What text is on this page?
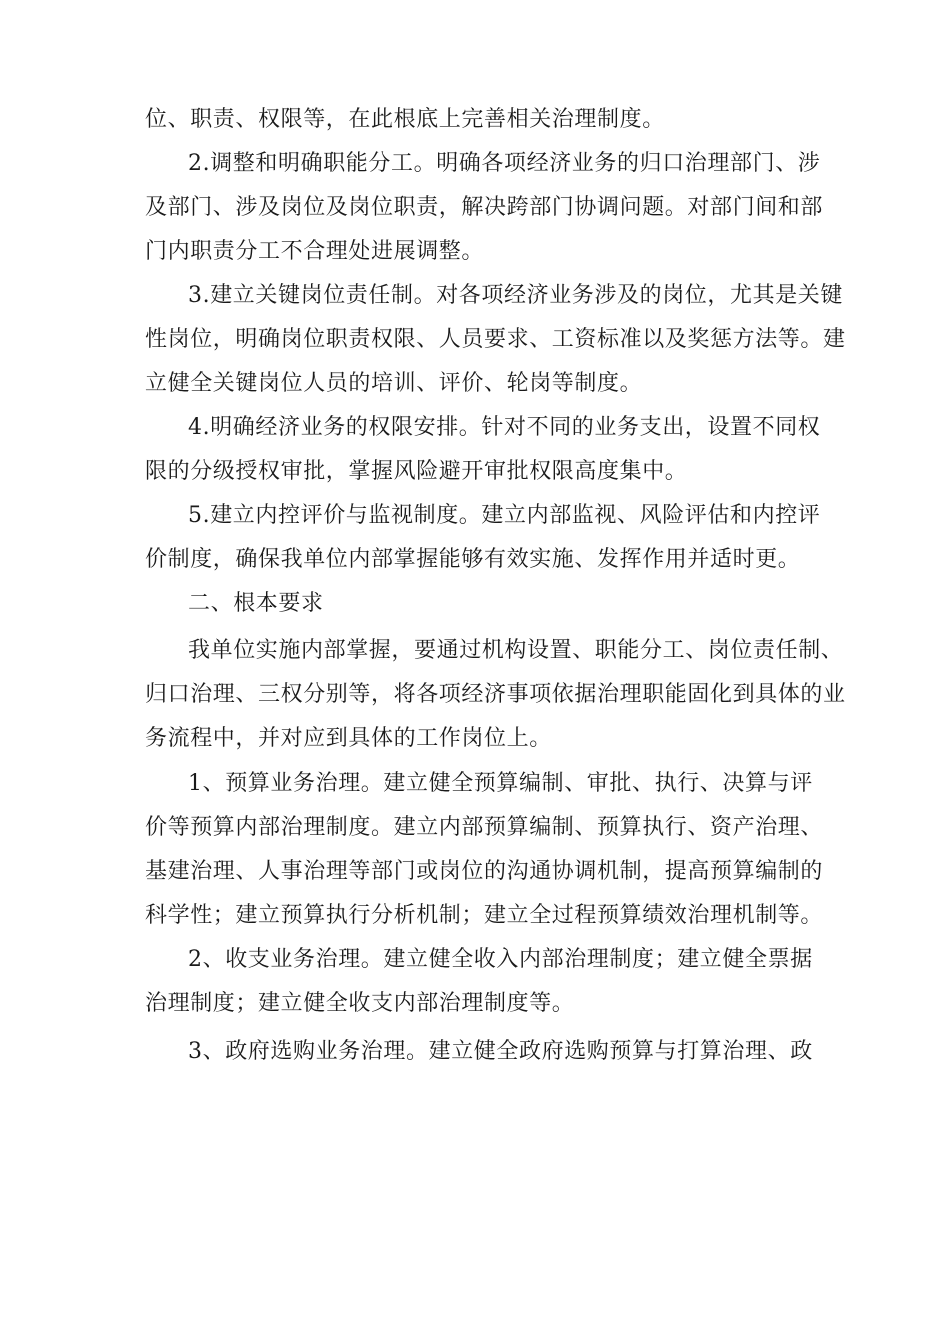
位、职责、权限等，在此根底上完善相关治理制度。
2.调整和明确职能分工。明确各项经济业务的归口治理部门、涉
及部门、涉及岗位及岗位职责，解决跨部门协调问题。对部门间和部
门内职责分工不合理处进展调整。
3.建立关键岗位责任制。对各项经济业务涉及的岗位，尤其是关键
性岗位，明确岗位职责权限、人员要求、工资标准以及奖惩方法等。建
立健全关键岗位人员的培训、评价、轮岗等制度。
4.明确经济业务的权限安排。针对不同的业务支出，设置不同权
限的分级授权审批，掌握风险避开审批权限高度集中。
5.建立内控评价与监视制度。建立内部监视、风险评估和内控评
价制度，确保我单位内部掌握能够有效实施、发挥作用并适时更。
二、根本要求
我单位实施内部掌握，要通过机构设置、职能分工、岗位责任制、
归口治理、三权分别等，将各项经济事项依据治理职能固化到具体的业
务流程中，并对应到具体的工作岗位上。
1、预算业务治理。建立健全预算编制、审批、执行、决算与评
价等预算内部治理制度。建立内部预算编制、预算执行、资产治理、
基建治理、人事治理等部门或岗位的沟通协调机制，提高预算编制的
科学性；建立预算执行分析机制；建立全过程预算绩效治理机制等。
2、收支业务治理。建立健全收入内部治理制度；建立健全票据
治理制度；建立健全收支内部治理制度等。
3、政府选购业务治理。建立健全政府选购预算与打算治理、政
